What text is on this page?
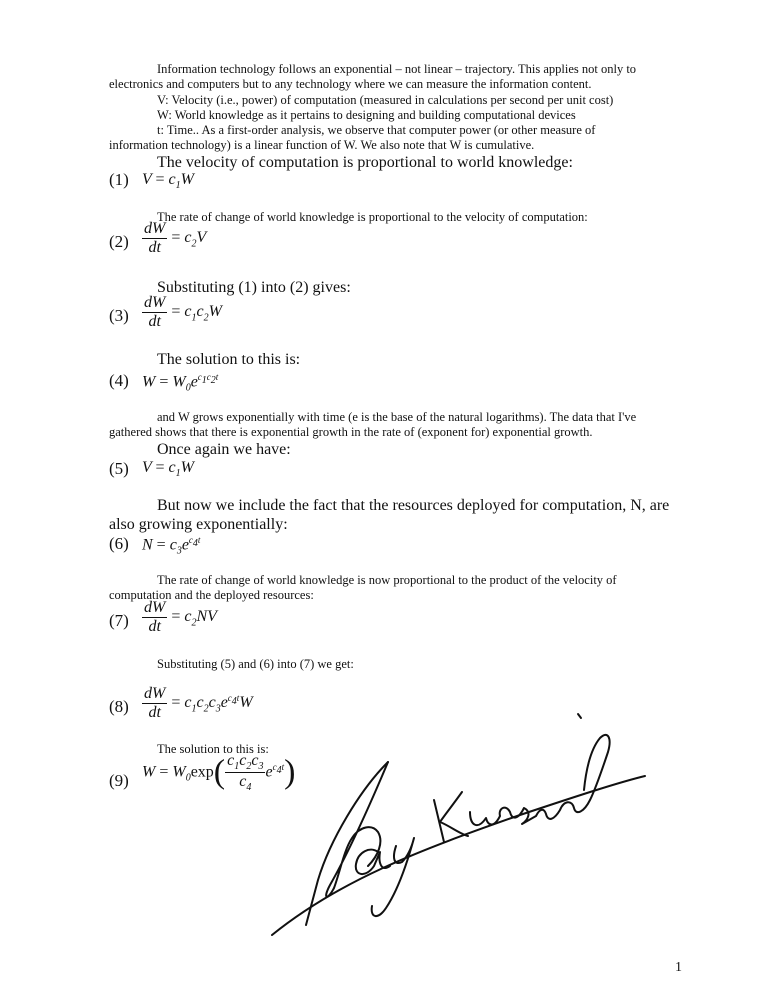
Information technology follows an exponential – not linear – trajectory. This applies not only to
electronics and computers but to any technology where we can measure the information content.
V: Velocity (i.e., power) of computation (measured in calculations per second per unit cost)
W: World knowledge as it pertains to designing and building computational devices
t: Time.. As a first-order analysis, we observe that computer power (or other measure of
information technology) is a linear function of W. We also note that W is cumulative.
The velocity of computation is proportional to world knowledge:
(1) $V = c_1W$
The rate of change of world knowledge is proportional to the velocity of computation:
$(2) \frac{dW}{dt} = c_2V$
Substituting (1) into (2) gives:
$(3) \frac{dW}{dt} = c_1c_2W$
The solution to this is:
(4) $W = W_0e^{c_1c_2t}$
and W grows exponentially with time (e is the base of the natural logarithms). The data that I've
gathered shows that there is exponential growth in the rate of (exponent for) exponential growth.
Once again we have:
(5) $V = c_1W$
But now we include the fact that the resources deployed for computation, N, are
also growing exponentially:
(6) $N = c_3e^{c_4t}$
The rate of change of world knowledge is now proportional to the product of the velocity of
computation and the deployed resources:
$(7) \frac{dW}{dt} = c_2NV$
Substituting (5) and (6) into (7) we get:
$(8) \frac{dW}{dt} = c_1c_2c_3e^{c_4t}W$
The solution to this is:
(9) $W = W_0\exp( \frac{c_1c_2c_3}{c_4} e^{c_4t})$
1
